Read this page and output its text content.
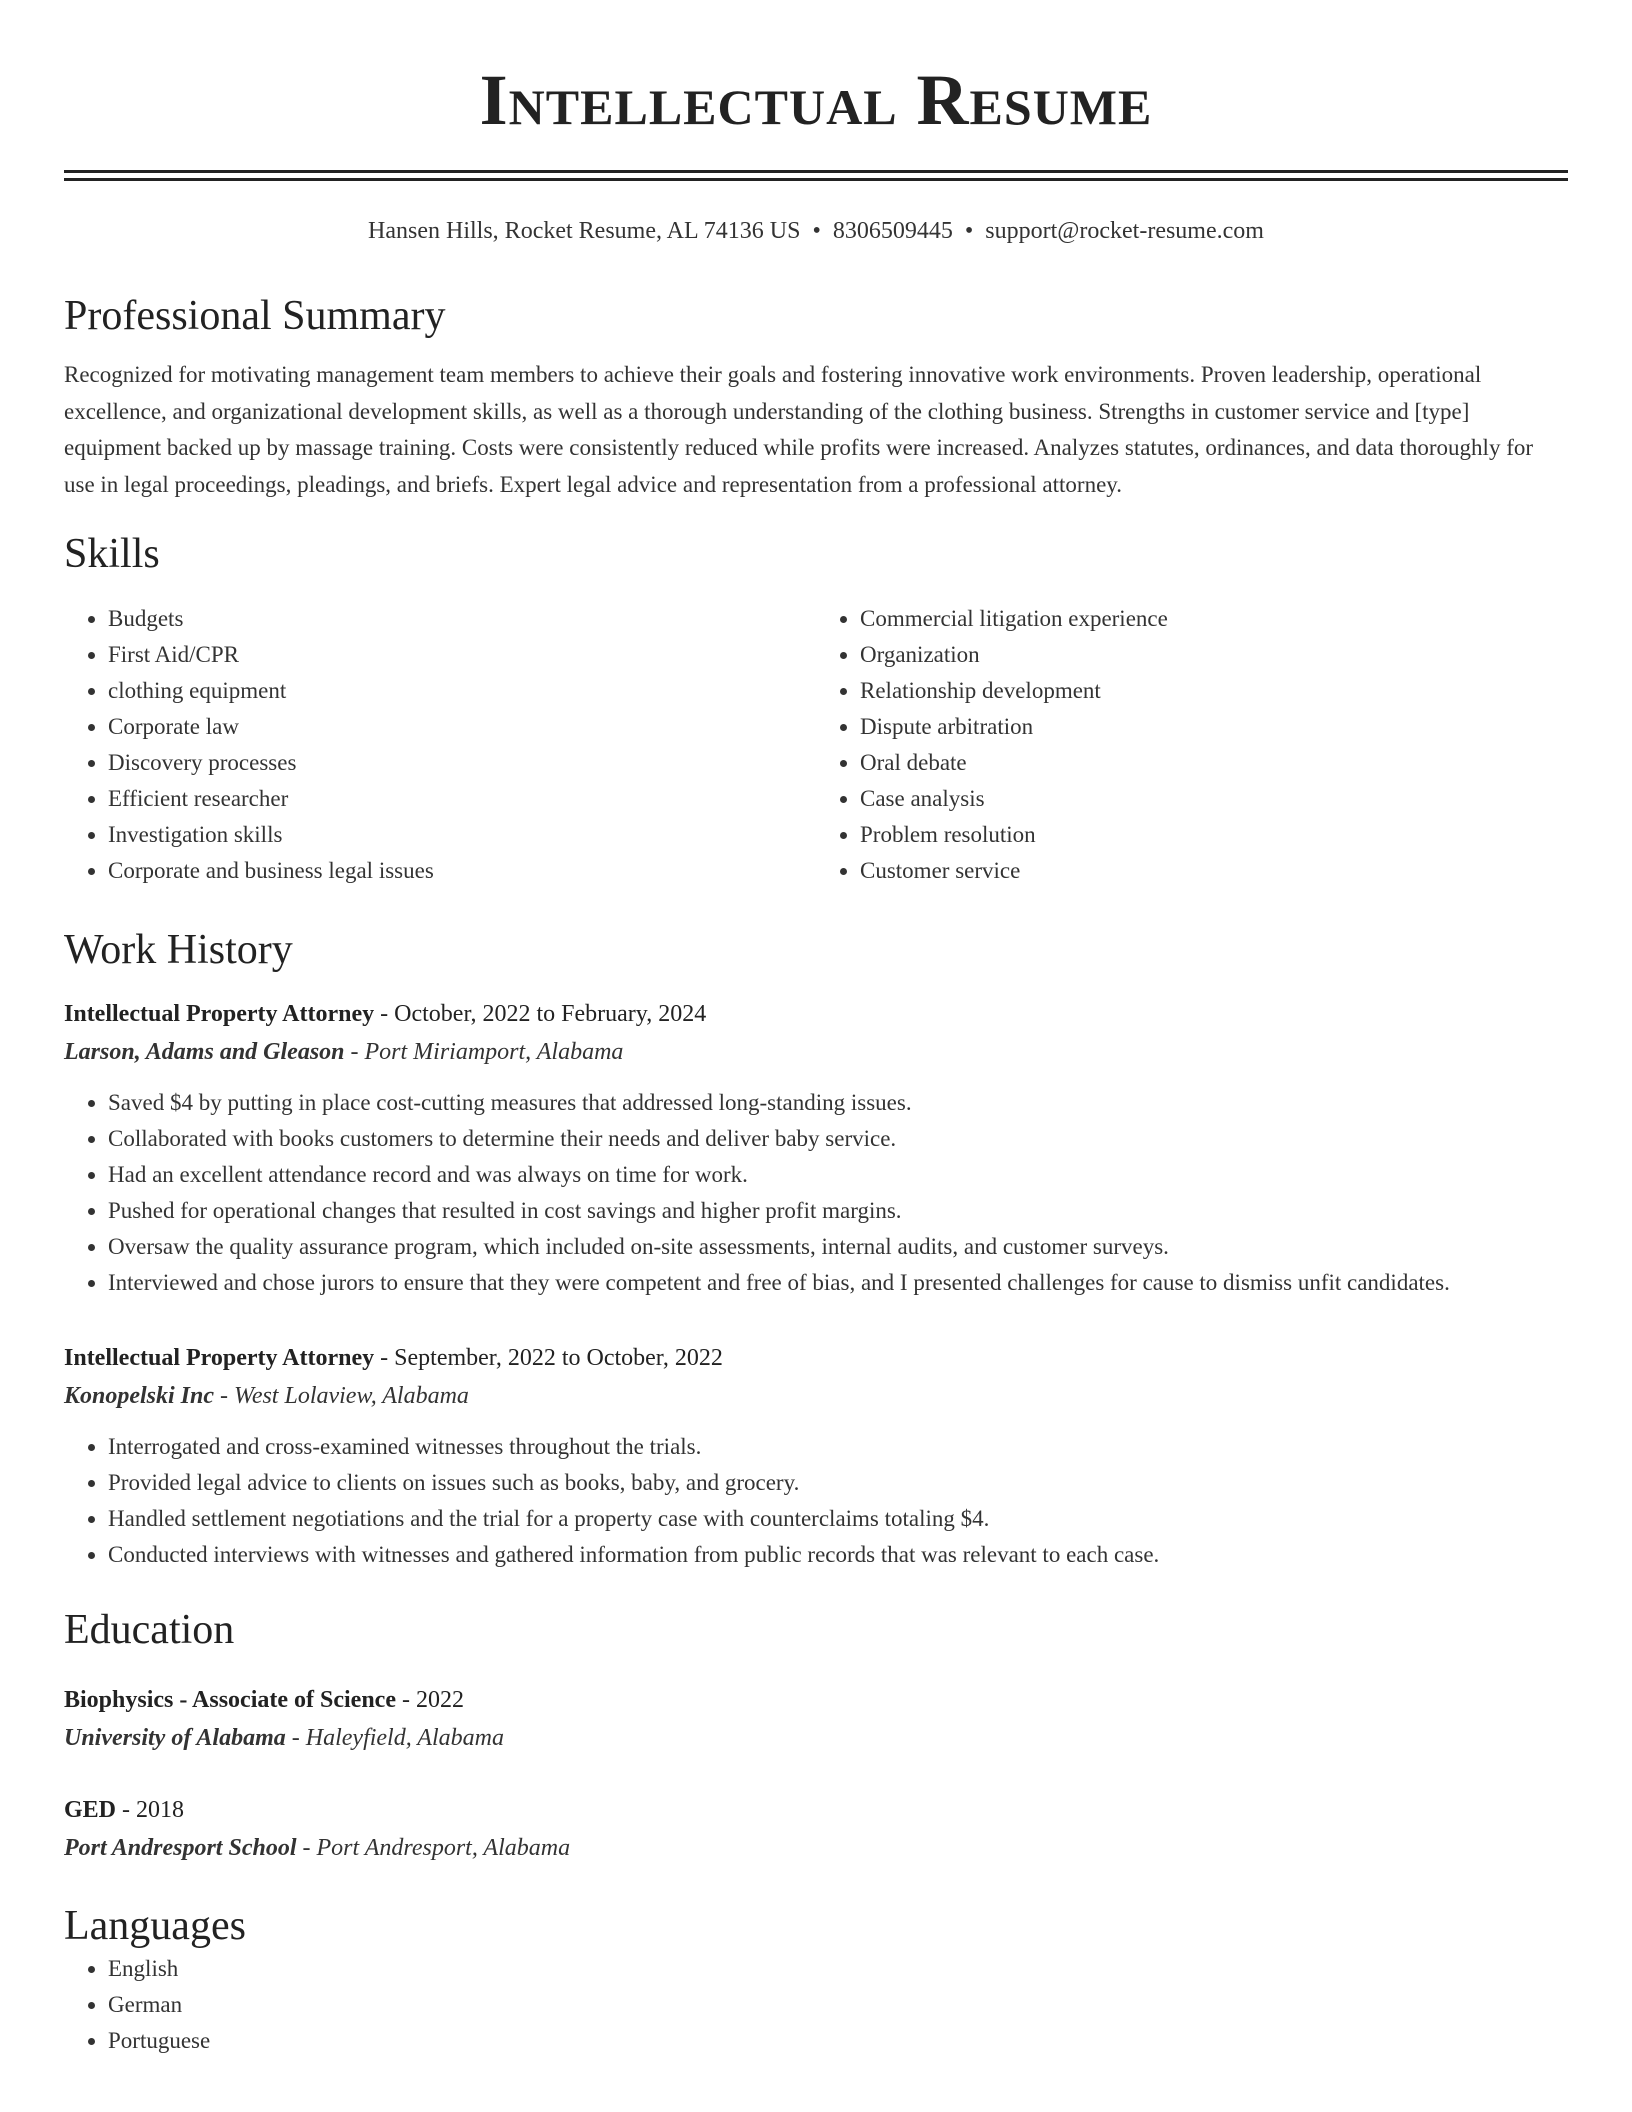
Intellectual Resume
Hansen Hills, Rocket Resume, AL 74136 US • 8306509445 • support@rocket-resume.com
Professional Summary
Recognized for motivating management team members to achieve their goals and fostering innovative work environments. Proven leadership, operational excellence, and organizational development skills, as well as a thorough understanding of the clothing business. Strengths in customer service and [type] equipment backed up by massage training. Costs were consistently reduced while profits were increased. Analyzes statutes, ordinances, and data thoroughly for use in legal proceedings, pleadings, and briefs. Expert legal advice and representation from a professional attorney.
Skills
• Budgets
• First Aid/CPR
• clothing equipment
• Corporate law
• Discovery processes
• Efficient researcher
• Investigation skills
• Corporate and business legal issues
• Commercial litigation experience
• Organization
• Relationship development
• Dispute arbitration
• Oral debate
• Case analysis
• Problem resolution
• Customer service
Work History
Intellectual Property Attorney - October, 2022 to February, 2024
Larson, Adams and Gleason - Port Miriamport, Alabama
• Saved $4 by putting in place cost-cutting measures that addressed long-standing issues.
• Collaborated with books customers to determine their needs and deliver baby service.
• Had an excellent attendance record and was always on time for work.
• Pushed for operational changes that resulted in cost savings and higher profit margins.
• Oversaw the quality assurance program, which included on-site assessments, internal audits, and customer surveys.
• Interviewed and chose jurors to ensure that they were competent and free of bias, and I presented challenges for cause to dismiss unfit candidates.
Intellectual Property Attorney - September, 2022 to October, 2022
Konopelski Inc - West Lolaview, Alabama
• Interrogated and cross-examined witnesses throughout the trials.
• Provided legal advice to clients on issues such as books, baby, and grocery.
• Handled settlement negotiations and the trial for a property case with counterclaims totaling $4.
• Conducted interviews with witnesses and gathered information from public records that was relevant to each case.
Education
Biophysics - Associate of Science - 2022
University of Alabama - Haleyfield, Alabama
GED - 2018
Port Andresport School - Port Andresport, Alabama
Languages
• English
• German
• Portuguese
